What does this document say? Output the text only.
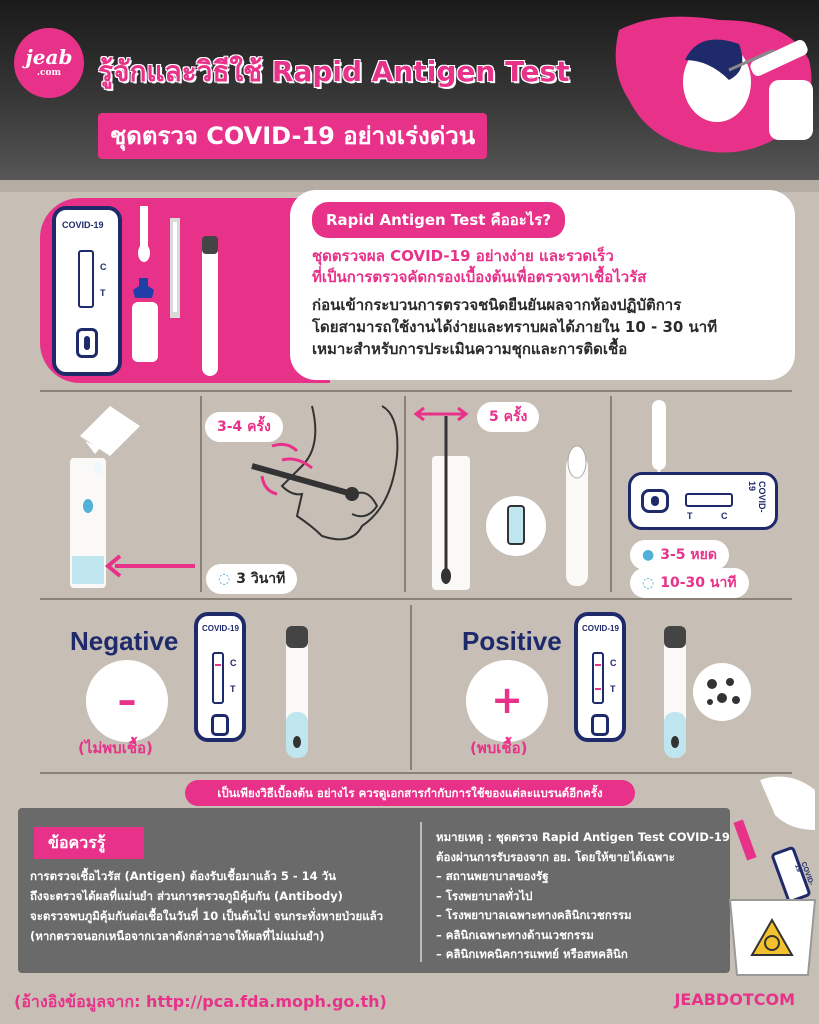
jeab
.com	รู้จักและวิธีใช้ Rapid Antigen Test
ชุดตรวจ COVID-19 อย่างเร่งด่วน
COVID-19
C
T
Rapid Antigen Test คืออะไร?
ชุดตรวจผล COVID-19 อย่างง่าย และรวดเร็ว
ที่เป็นการตรวจคัดกรองเบื้องต้นเพื่อตรวจหาเชื้อไวรัส
ก่อนเข้ากระบวนการตรวจชนิดยืนยันผลจากห้องปฏิบัติการ
โดยสามารถใช้งานได้ง่ายและทราบผลได้ภายใน 10 - 30 นาที
เหมาะสำหรับการประเมินความชุกและการติดเชื้อ
3-4 ครั้ง
◌ 3 วินาที
5 ครั้ง
T	C
COVID-19
● 3-5 หยด
◌ 10-30 นาที
Negative
–
(ไม่พบเชื้อ)
COVID-19
C
T
Positive
+
(พบเชื้อ)
COVID-19
C
T
เป็นเพียงวิธีเบื้องต้น อย่างไร ควรดูเอกสารกำกับการใช้ของแต่ละแบรนด์อีกครั้ง
ข้อควรรู้
การตรวจเชื้อไวรัส (Antigen) ต้องรับเชื้อมาแล้ว 5 - 14 วัน
ถึงจะตรวจได้ผลที่แม่นยำ ส่วนการตรวจภูมิคุ้มกัน (Antibody)
จะตรวจพบภูมิคุ้มกันต่อเชื้อในวันที่ 10 เป็นต้นไป จนกระทั่งหายป่วยแล้ว
(หากตรวจนอกเหนือจากเวลาดังกล่าวอาจให้ผลที่ไม่แม่นยำ)
หมายเหตุ : ชุดตรวจ Rapid Antigen Test COVID-19
ต้องผ่านการรับรองจาก อย. โดยให้ขายได้เฉพาะ
– สถานพยาบาลของรัฐ
– โรงพยาบาลทั่วไป
– โรงพยาบาลเฉพาะทางคลินิกเวชกรรม
– คลินิกเฉพาะทางด้านเวชกรรม
– คลินิกเทคนิคการแพทย์ หรือสหคลินิก
COVID-19
(อ้างอิงข้อมูลจาก: http://pca.fda.moph.go.th)	JEABDOTCOM
